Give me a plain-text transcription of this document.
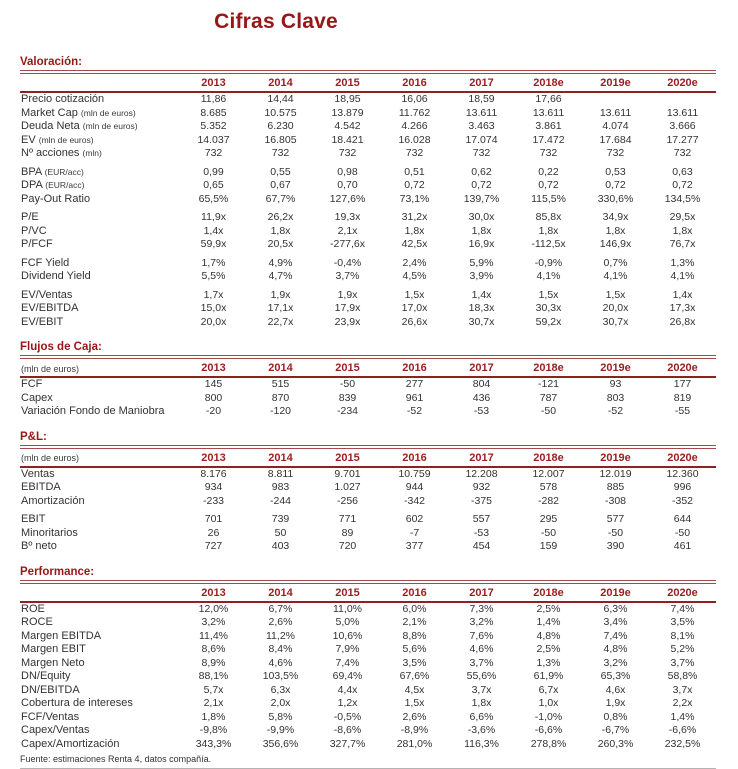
Cifras Clave
Valoración:
	2013	2014	2015	2016	2017	2018e	2019e	2020e
Precio cotización	11,86	14,44	18,95	16,06	18,59	17,66		
Market Cap (mln de euros)	8.685	10.575	13.879	11.762	13.611	13.611	13.611	13.611
Deuda Neta (mln de euros)	5.352	6.230	4.542	4.266	3.463	3.861	4.074	3.666
EV (mln de euros)	14.037	16.805	18.421	16.028	17.074	17.472	17.684	17.277
Nº acciones (mln)	732	732	732	732	732	732	732	732
BPA (EUR/acc)	0,99	0,55	0,98	0,51	0,62	0,22	0,53	0,63
DPA (EUR/acc)	0,65	0,67	0,70	0,72	0,72	0,72	0,72	0,72
Pay-Out Ratio	65,5%	67,7%	127,6%	73,1%	139,7%	115,5%	330,6%	134,5%
P/E	11,9x	26,2x	19,3x	31,2x	30,0x	85,8x	34,9x	29,5x
P/VC	1,4x	1,8x	2,1x	1,8x	1,8x	1,8x	1,8x	1,8x
P/FCF	59,9x	20,5x	-277,6x	42,5x	16,9x	-112,5x	146,9x	76,7x
FCF Yield	1,7%	4,9%	-0,4%	2,4%	5,9%	-0,9%	0,7%	1,3%
Dividend Yield	5,5%	4,7%	3,7%	4,5%	3,9%	4,1%	4,1%	4,1%
EV/Ventas	1,7x	1,9x	1,9x	1,5x	1,4x	1,5x	1,5x	1,4x
EV/EBITDA	15,0x	17,1x	17,9x	17,0x	18,3x	30,3x	20,0x	17,3x
EV/EBIT	20,0x	22,7x	23,9x	26,6x	30,7x	59,2x	30,7x	26,8x
Flujos de Caja:
(mln de euros)	2013	2014	2015	2016	2017	2018e	2019e	2020e
FCF	145	515	-50	277	804	-121	93	177
Capex	800	870	839	961	436	787	803	819
Variación Fondo de Maniobra	-20	-120	-234	-52	-53	-50	-52	-55
P&L:
(mln de euros)	2013	2014	2015	2016	2017	2018e	2019e	2020e
Ventas	8.176	8.811	9.701	10.759	12.208	12.007	12.019	12.360
EBITDA	934	983	1.027	944	932	578	885	996
Amortización	-233	-244	-256	-342	-375	-282	-308	-352
EBIT	701	739	771	602	557	295	577	644
Minoritarios	26	50	89	-7	-53	-50	-50	-50
Bº neto	727	403	720	377	454	159	390	461
Performance:
	2013	2014	2015	2016	2017	2018e	2019e	2020e
ROE	12,0%	6,7%	11,0%	6,0%	7,3%	2,5%	6,3%	7,4%
ROCE	3,2%	2,6%	5,0%	2,1%	3,2%	1,4%	3,4%	3,5%
Margen EBITDA	11,4%	11,2%	10,6%	8,8%	7,6%	4,8%	7,4%	8,1%
Margen EBIT	8,6%	8,4%	7,9%	5,6%	4,6%	2,5%	4,8%	5,2%
Margen Neto	8,9%	4,6%	7,4%	3,5%	3,7%	1,3%	3,2%	3,7%
DN/Equity	88,1%	103,5%	69,4%	67,6%	55,6%	61,9%	65,3%	58,8%
DN/EBITDA	5,7x	6,3x	4,4x	4,5x	3,7x	6,7x	4,6x	3,7x
Cobertura de intereses	2,1x	2,0x	1,2x	1,5x	1,8x	1,0x	1,9x	2,2x
FCF/Ventas	1,8%	5,8%	-0,5%	2,6%	6,6%	-1,0%	0,8%	1,4%
Capex/Ventas	-9,8%	-9,9%	-8,6%	-8,9%	-3,6%	-6,6%	-6,7%	-6,6%
Capex/Amortización	343,3%	356,6%	327,7%	281,0%	116,3%	278,8%	260,3%	232,5%
Fuente: estimaciones Renta 4, datos compañía.
